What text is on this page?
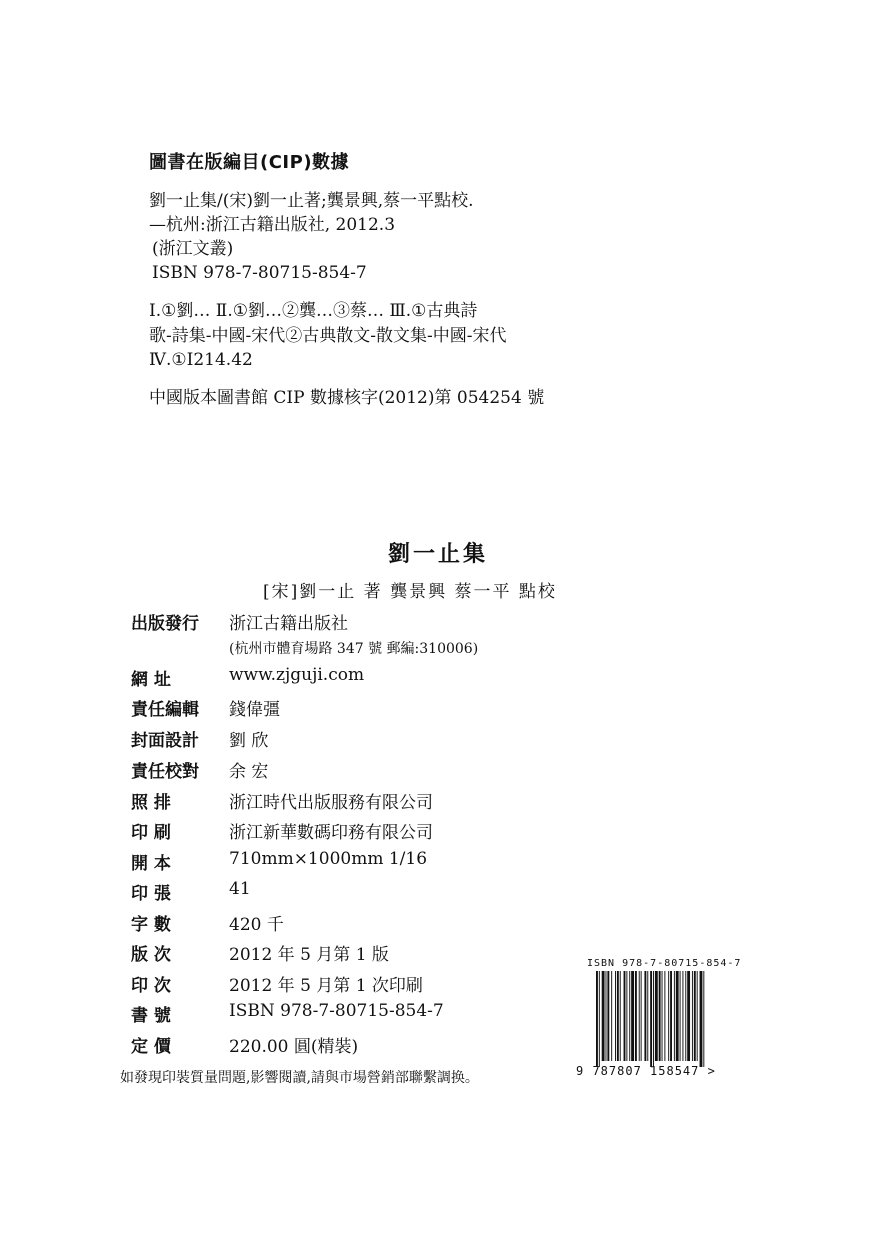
圖書在版編目(CIP)數據
劉一止集/(宋)劉一止著;龔景興,蔡一平點校.
—杭州:浙江古籍出版社, 2012.3
(浙江文叢)
ISBN 978-7-80715-854-7
Ⅰ.①劉… Ⅱ.①劉…②龔…③蔡… Ⅲ.①古典詩
歌-詩集-中國-宋代②古典散文-散文集-中國-宋代
Ⅳ.①I214.42
中國版本圖書館 CIP 數據核字(2012)第 054254 號
劉一止集
[宋]劉一止 著 龔景興 蔡一平 點校
出版發行	浙江古籍出版社
(杭州市體育場路 347 號 郵編:310006)
網 址	www.zjguji.com
責任編輯	錢偉彊
封面設計	劉 欣
責任校對	余 宏
照 排	浙江時代出版服務有限公司
印 刷	浙江新華數碼印務有限公司
開 本	710mm×1000mm 1/16
印 張	41
字 數	420 千
版 次	2012 年 5 月第 1 版
印 次	2012 年 5 月第 1 次印刷
書 號	ISBN 978-7-80715-854-7
定 價	220.00 圓(精裝)
如發現印裝質量問題,影響閱讀,請與市場營銷部聯繫調换。
ISBN 978-7-80715-854-7
9 787807 158547 >
